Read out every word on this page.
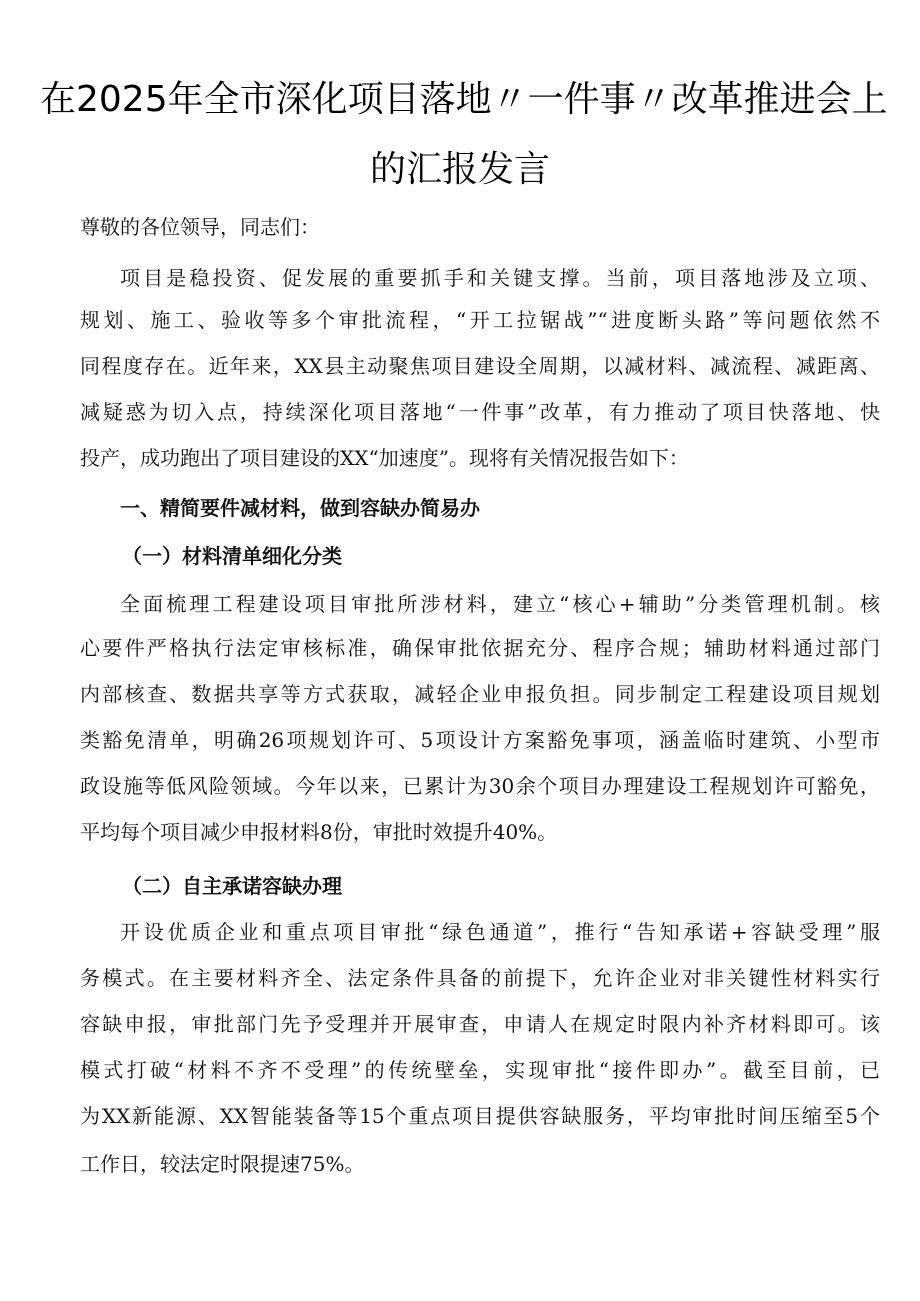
在2025年全市深化项目落地〃一件事〃改革推进会上
的汇报发言
尊敬的各位领导，同志们：
项目是稳投资、促发展的重要抓手和关键支撑。当前，项目落地涉及立项、
规划、施工、验收等多个审批流程，“开工拉锯战”“进度断头路”等问题依然不
同程度存在。近年来，XX县主动聚焦项目建设全周期，以减材料、减流程、减距离、
减疑惑为切入点，持续深化项目落地“一件事”改革，有力推动了项目快落地、快
投产，成功跑出了项目建设的XX“加速度”。现将有关情况报告如下：
一、精简要件减材料，做到容缺办简易办
（一）材料清单细化分类
全面梳理工程建设项目审批所涉材料，建立“核心+辅助”分类管理机制。核
心要件严格执行法定审核标准，确保审批依据充分、程序合规；辅助材料通过部门
内部核查、数据共享等方式获取，减轻企业申报负担。同步制定工程建设项目规划
类豁免清单，明确26项规划许可、5项设计方案豁免事项，涵盖临时建筑、小型市
政设施等低风险领域。今年以来，已累计为30余个项目办理建设工程规划许可豁免，
平均每个项目减少申报材料8份，审批时效提升40%。
（二）自主承诺容缺办理
开设优质企业和重点项目审批“绿色通道”，推行“告知承诺+容缺受理”服
务模式。在主要材料齐全、法定条件具备的前提下，允许企业对非关键性材料实行
容缺申报，审批部门先予受理并开展审查，申请人在规定时限内补齐材料即可。该
模式打破“材料不齐不受理”的传统壁垒，实现审批“接件即办”。截至目前，已
为XX新能源、XX智能装备等15个重点项目提供容缺服务，平均审批时间压缩至5个
工作日，较法定时限提速75%。
